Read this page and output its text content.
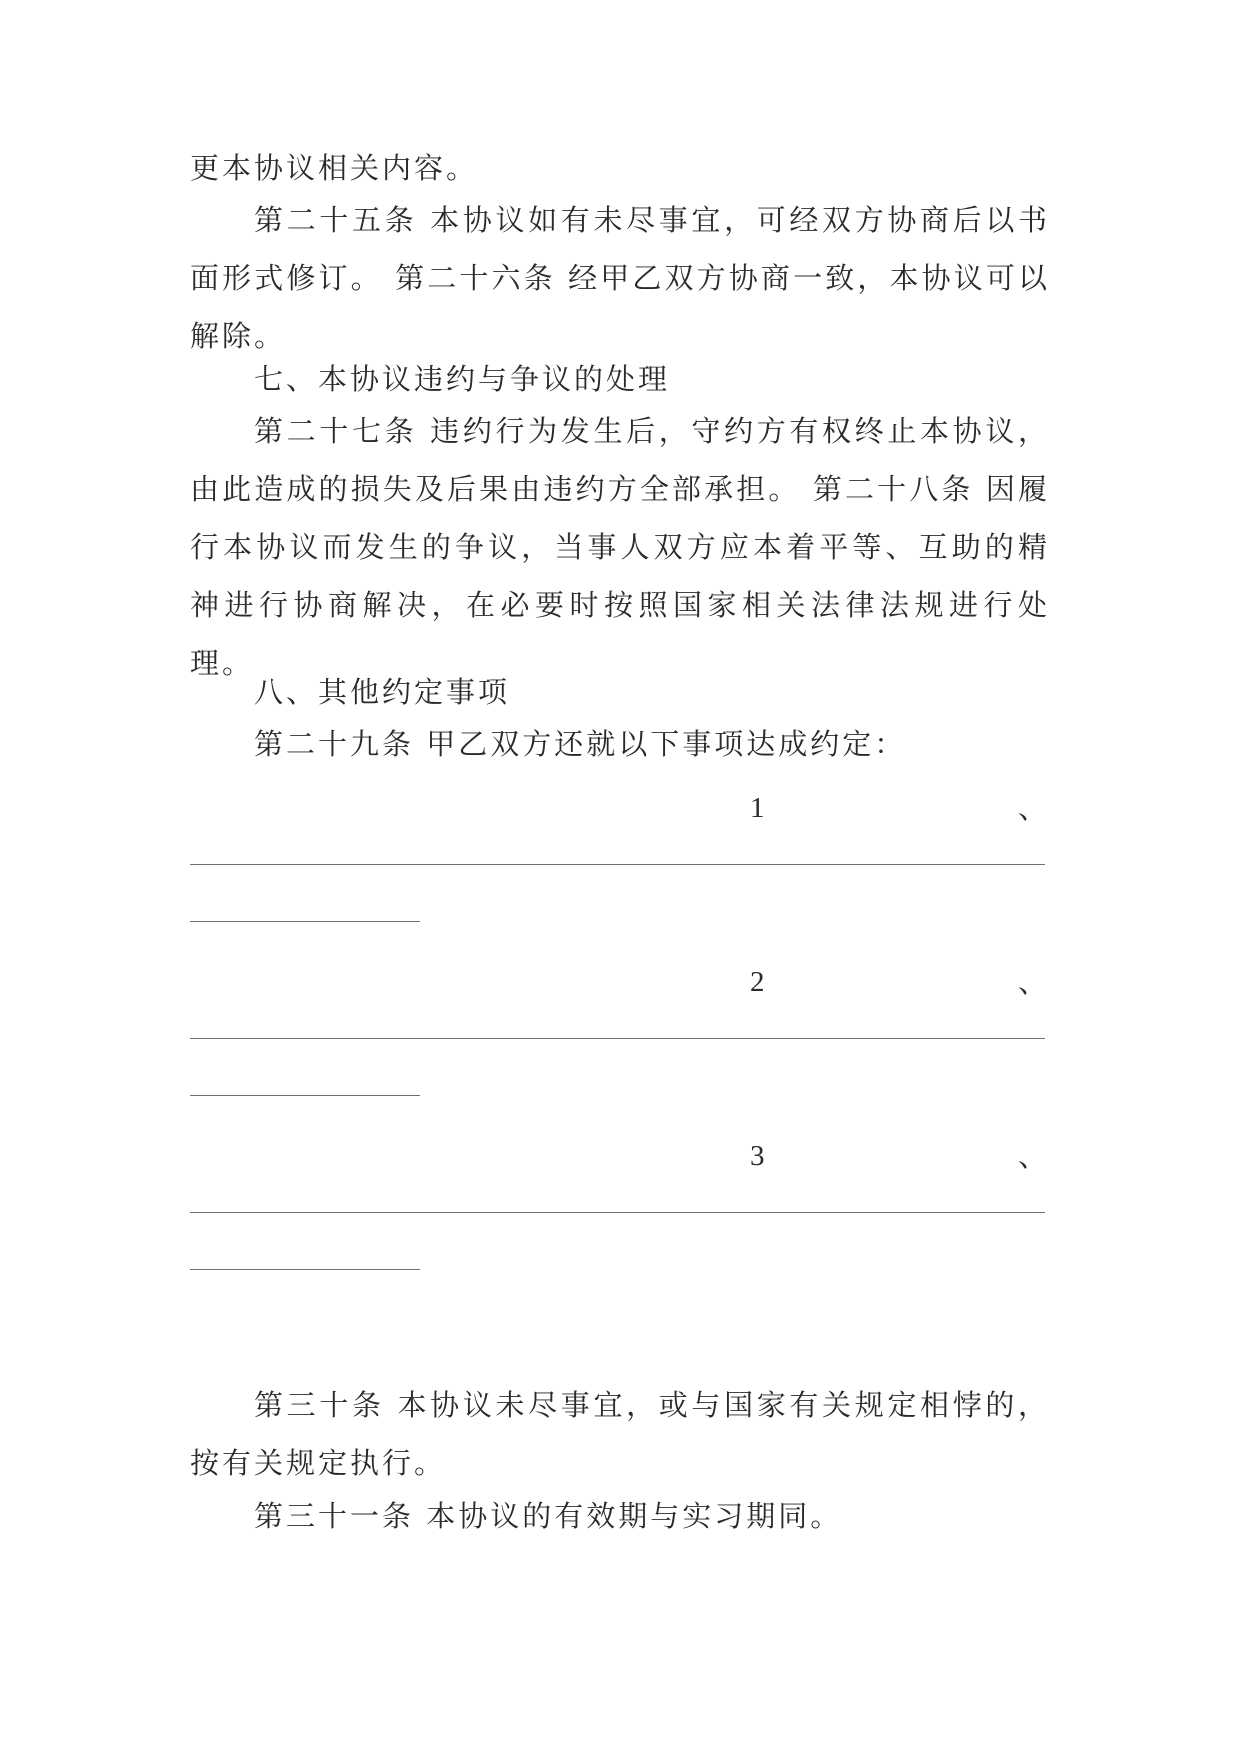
更本协议相关内容。
第二十五条 本协议如有未尽事宜，可经双方协商后以书面形式修订。 第二十六条 经甲乙双方协商一致，本协议可以解除。
七、本协议违约与争议的处理
第二十七条 违约行为发生后，守约方有权终止本协议，由此造成的损失及后果由违约方全部承担。 第二十八条 因履行本协议而发生的争议，当事人双方应本着平等、互助的精神进行协商解决，在必要时按照国家相关法律法规进行处理。
八、其他约定事项
第二十九条 甲乙双方还就以下事项达成约定：
1	、
2	、
3	、
第三十条 本协议未尽事宜，或与国家有关规定相悖的，按有关规定执行。
第三十一条 本协议的有效期与实习期同。
